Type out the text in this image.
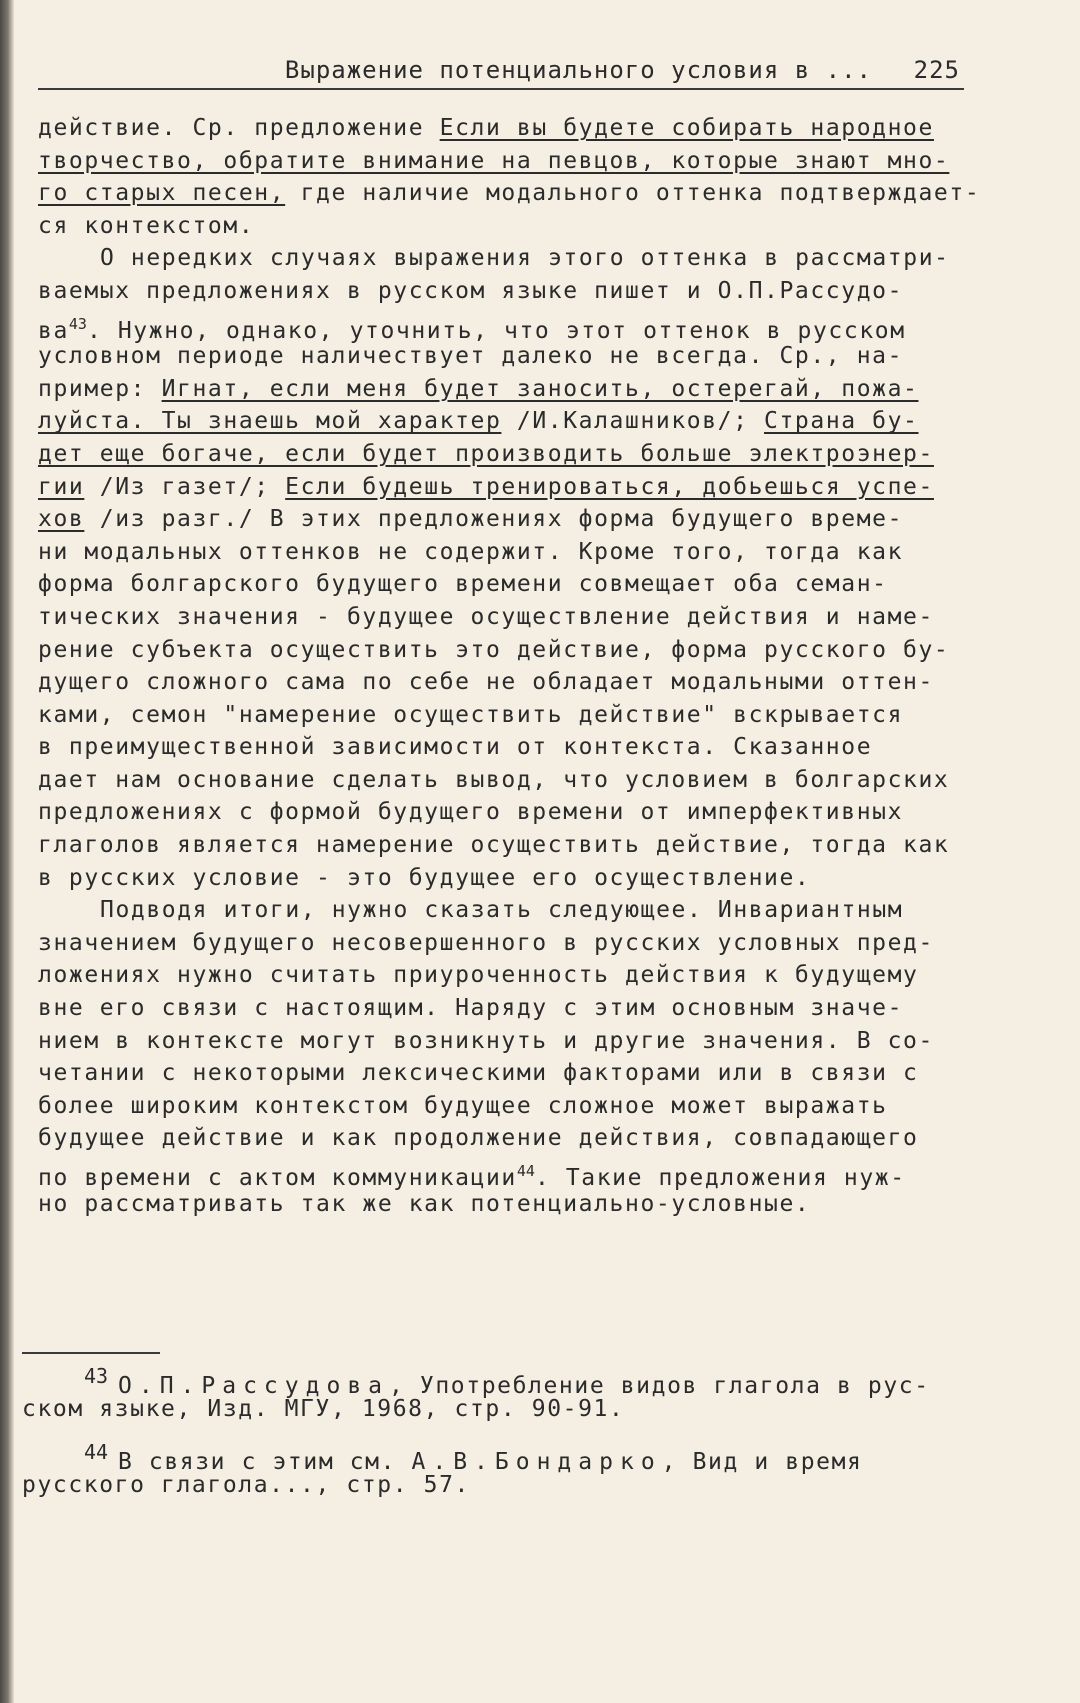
Выражение потенциального условия в ... 225
действие. Ср. предложение Если вы будете собирать народное
творчество, обратите внимание на певцов, которые знают мно-
го старых песен, где наличие модального оттенка подтверждает-
ся контекстом.
О нередких случаях выражения этого оттенка в рассматри-
ваемых предложениях в русском языке пишет и О.П.Рассудо-
$ва^{43}$. Нужно, однако, уточнить, что этот оттенок в русском
условном периоде наличествует далеко не всегда. Ср., на-
пример: Игнат, если меня будет заносить, остерегай, пожа-
луйста. Ты знаешь мой характер /И.Калашников/; Страна бу-
дет еще богаче, если будет производить больше электроэнер-
гии /Из газет/; Если будешь тренироваться, добьешься успе-
хов /из разг./ В этих предложениях форма будущего време-
ни модальных оттенков не содержит. Кроме того, тогда как
форма болгарского будущего времени совмещает оба семан-
тических значения - будущее осуществление действия и наме-
рение субъекта осуществить это действие, форма русского бу-
дущего сложного сама по себе не обладает модальными оттен-
ками, семон "намерение осуществить действие" вскрывается
в преимущественной зависимости от контекста. Сказанное
дает нам основание сделать вывод, что условием в болгарских
предложениях с формой будущего времени от имперфективных
глаголов является намерение осуществить действие, тогда как
в русских условие - это будущее его осуществление.
Подводя итоги, нужно сказать следующее. Инвариантным
значением будущего несовершенного в русских условных пред-
ложениях нужно считать приуроченность действия к будущему
вне его связи с настоящим. Наряду с этим основным значе-
нием в контексте могут возникнуть и другие значения. В со-
четании с некоторыми лексическими факторами или в связи с
более широким контекстом будущее сложное может выражать
будущее действие и как продолжение действия, совпадающего
по времени с актом коммуникации$^{44}$. Такие предложения нуж-
но рассматривать так же как потенциально-условные.
43 О.П.Рассудова, Употребление видов глагола в рус-
ском языке, Изд. МГУ, 1968, стр. 90-91.
44 В связи с этим см. А.В.Бондарко, Вид и время
русского глагола..., стр. 57.
